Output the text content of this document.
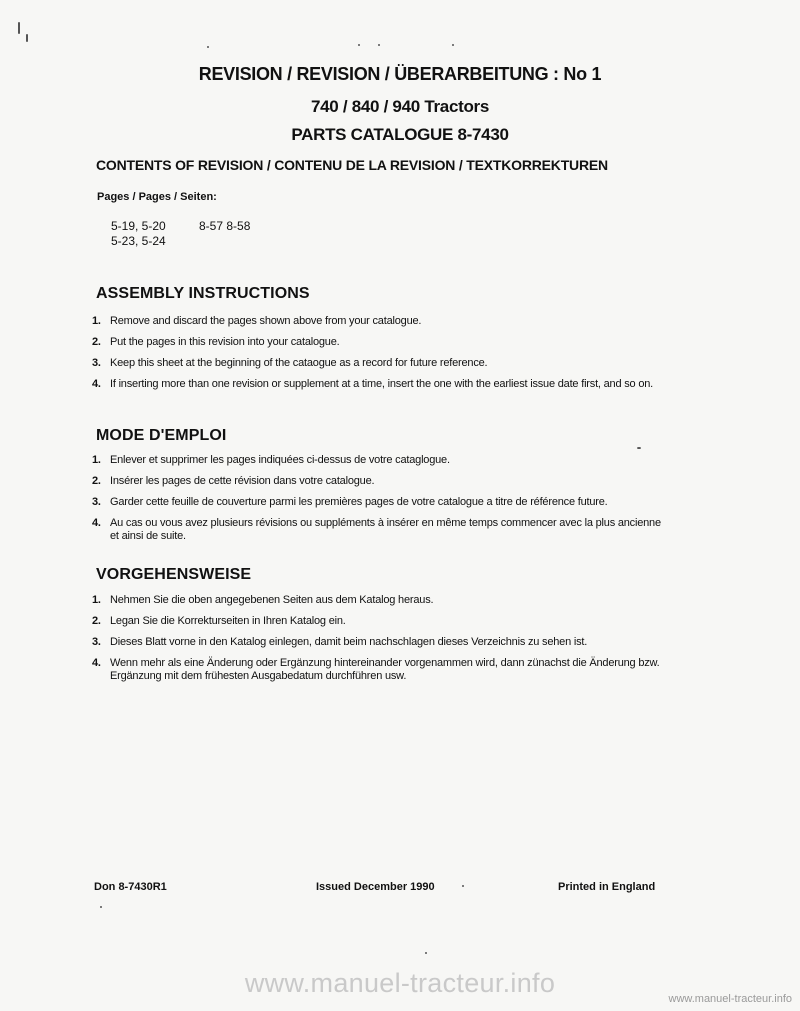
REVISION / REVISION / ÜBERARBEITUNG : No 1
740 / 840 / 940 Tractors
PARTS CATALOGUE 8-7430
CONTENTS OF REVISION / CONTENU DE LA REVISION / TEXTKORREKTUREN
Pages / Pages / Seiten:
5-19, 5-20
5-23, 5-24
8-57 8-58
ASSEMBLY INSTRUCTIONS
1. Remove and discard the pages shown above from your catalogue.
2. Put the pages in this revision into your catalogue.
3. Keep this sheet at the beginning of the cataogue as a record for future reference.
4. If inserting more than one revision or supplement at a time, insert the one with the earliest issue date first, and so on.
MODE D'EMPLOI
1. Enlever et supprimer les pages indiquées ci-dessus de votre cataglogue.
2. Insérer les pages de cette révision dans votre catalogue.
3. Garder cette feuille de couverture parmi les premières pages de votre catalogue a titre de référence future.
4. Au cas ou vous avez plusieurs révisions ou suppléments à insérer en même temps commencer avec la plus ancienne et ainsi de suite.
VORGEHENSWEISE
1. Nehmen Sie die oben angegebenen Seiten aus dem Katalog heraus.
2. Legan Sie die Korrekturseiten in Ihren Katalog ein.
3. Dieses Blatt vorne in den Katalog einlegen, damit beim nachschlagen dieses Verzeichnis zu sehen ist.
4. Wenn mehr als eine Änderung oder Ergänzung hintereinander vorgenammen wird, dann zünachst die Änderung bzw. Ergänzung mit dem frühesten Ausgabedatum durchführen usw.
Don 8-7430R1	Issued December 1990	Printed in England
www.manuel-tracteur.info
www.manuel-tracteur.info
